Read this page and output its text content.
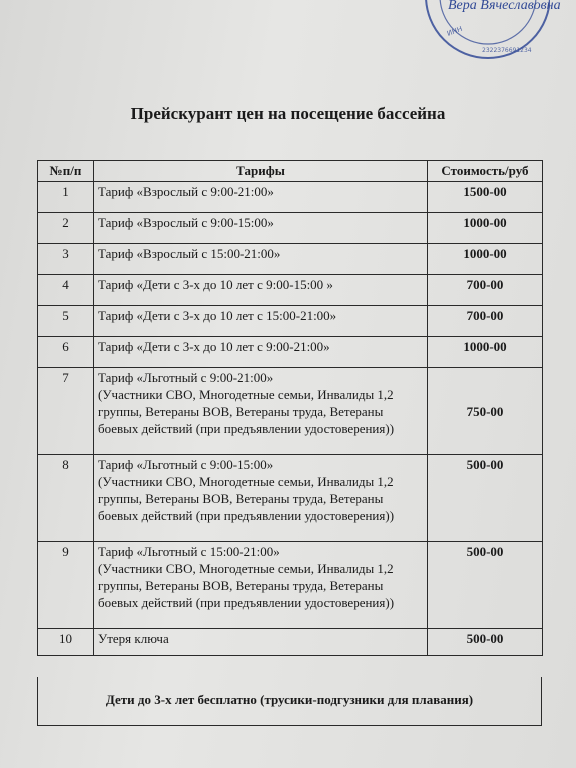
ИНН
2322376691234
Вера Вячеславовна
Прейскурант цен на посещение бассейна
№п/п	Тарифы	Стоимость/руб
1	Тариф «Взрослый с 9:00-21:00»	1500-00
2	Тариф «Взрослый с 9:00-15:00»	1000-00
3	Тариф «Взрослый с 15:00-21:00»	1000-00
4	Тариф «Дети с 3-х до 10 лет с 9:00-15:00 »	700-00
5	Тариф «Дети с 3-х до 10 лет с 15:00-21:00»	700-00
6	Тариф «Дети с 3-х до 10 лет с 9:00-21:00»	1000-00
7	Тариф «Льготный с 9:00-21:00»
(Участники СВО, Многодетные семьи, Инвалиды 1,2 группы, Ветераны ВОВ, Ветераны труда, Ветераны боевых действий (при предъявлении удостоверения))	750-00
8	Тариф «Льготный с 9:00-15:00»
(Участники СВО, Многодетные семьи, Инвалиды 1,2 группы, Ветераны ВОВ, Ветераны труда, Ветераны боевых действий (при предъявлении удостоверения))	500-00
9	Тариф «Льготный с 15:00-21:00»
(Участники СВО, Многодетные семьи, Инвалиды 1,2 группы, Ветераны ВОВ, Ветераны труда, Ветераны боевых действий (при предъявлении удостоверения))	500-00
10	Утеря ключа	500-00
Дети до 3-х лет бесплатно (трусики-подгузники для плавания)
